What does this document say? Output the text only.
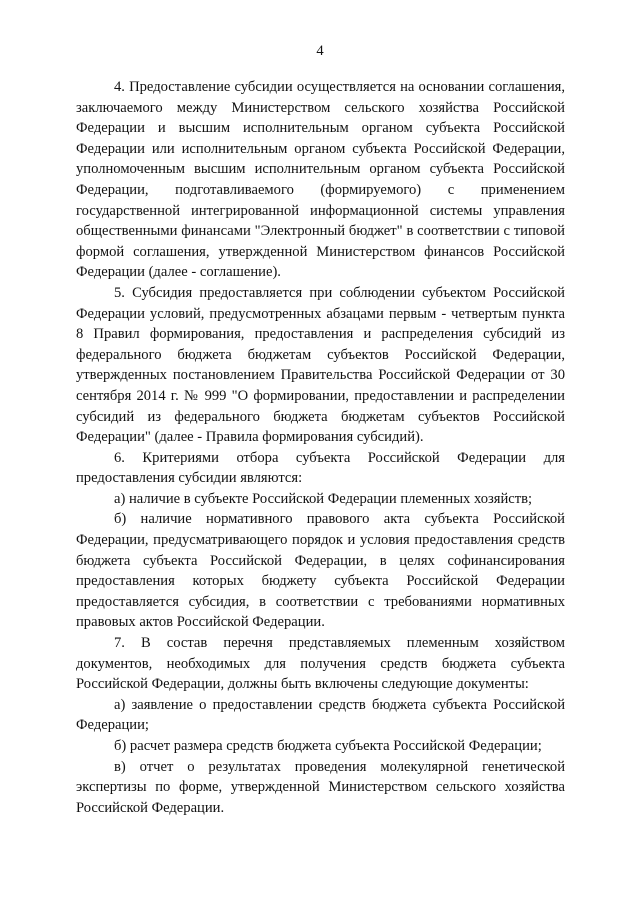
4

4. Предоставление субсидии осуществляется на основании соглашения, заключаемого между Министерством сельского хозяйства Российской Федерации и высшим исполнительным органом субъекта Российской Федерации или исполнительным органом субъекта Российской Федерации, уполномоченным высшим исполнительным органом субъекта Российской Федерации, подготавливаемого (формируемого) с применением государственной интегрированной информационной системы управления общественными финансами "Электронный бюджет" в соответствии с типовой формой соглашения, утвержденной Министерством финансов Российской Федерации (далее - соглашение).

5. Субсидия предоставляется при соблюдении субъектом Российской Федерации условий, предусмотренных абзацами первым - четвертым пункта 8 Правил формирования, предоставления и распределения субсидий из федерального бюджета бюджетам субъектов Российской Федерации, утвержденных постановлением Правительства Российской Федерации от 30 сентября 2014 г. № 999 "О формировании, предоставлении и распределении субсидий из федерального бюджета бюджетам субъектов Российской Федерации" (далее - Правила формирования субсидий).

6. Критериями отбора субъекта Российской Федерации для предоставления субсидии являются:

а) наличие в субъекте Российской Федерации племенных хозяйств;

б) наличие нормативного правового акта субъекта Российской Федерации, предусматривающего порядок и условия предоставления средств бюджета субъекта Российской Федерации, в целях софинансирования предоставления которых бюджету субъекта Российской Федерации предоставляется субсидия, в соответствии с требованиями нормативных правовых актов Российской Федерации.

7. В состав перечня представляемых племенным хозяйством документов, необходимых для получения средств бюджета субъекта Российской Федерации, должны быть включены следующие документы:

а) заявление о предоставлении средств бюджета субъекта Российской Федерации;

б) расчет размера средств бюджета субъекта Российской Федерации;

в) отчет о результатах проведения молекулярной генетической экспертизы по форме, утвержденной Министерством сельского хозяйства Российской Федерации.
